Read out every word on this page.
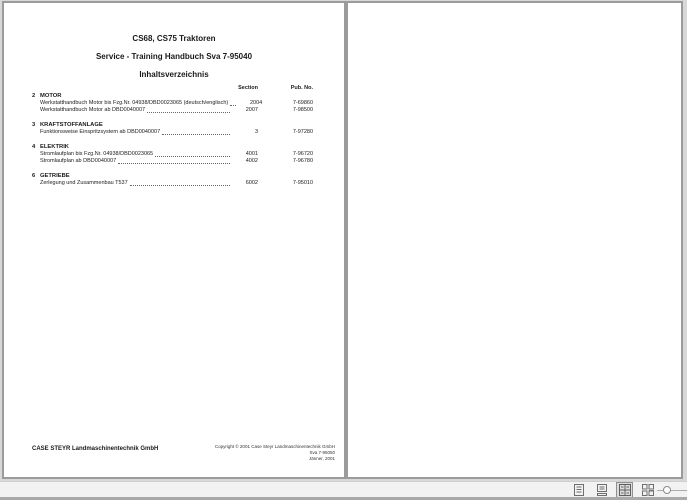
CS68, CS75 Traktoren
Service - Training Handbuch Sva 7-95040
Inhaltsverzeichnis
Section	Pub. No.
2 MOTOR
Werkstatthandbuch Motor bis Fzg.Nr. 04938/DBD0023065 (deutsch/englisch)	2004	7-69860
Werkstatthandbuch Motor ab DBD0040007	2007	7-98500
3 KRAFTSTOFFANLAGE
Funktionsweise Einspritzsystem ab DBD0040007	3	7-97280
4 ELEKTRIK
Stromlaufplan bis Fzg.Nr. 04938/DBD0023065	4001	7-96720
Stromlaufplan ab DBD0040007	4002	7-96780
6 GETRIEBE
Zerlegung und Zusammenbau T537	6002	7-95010
CASE STEYR Landmaschinentechnik GmbH	Copyright © 2001 Case Steyr Landmaschinentechnik GmbH
Sva 7-95050
Jänner, 2001
